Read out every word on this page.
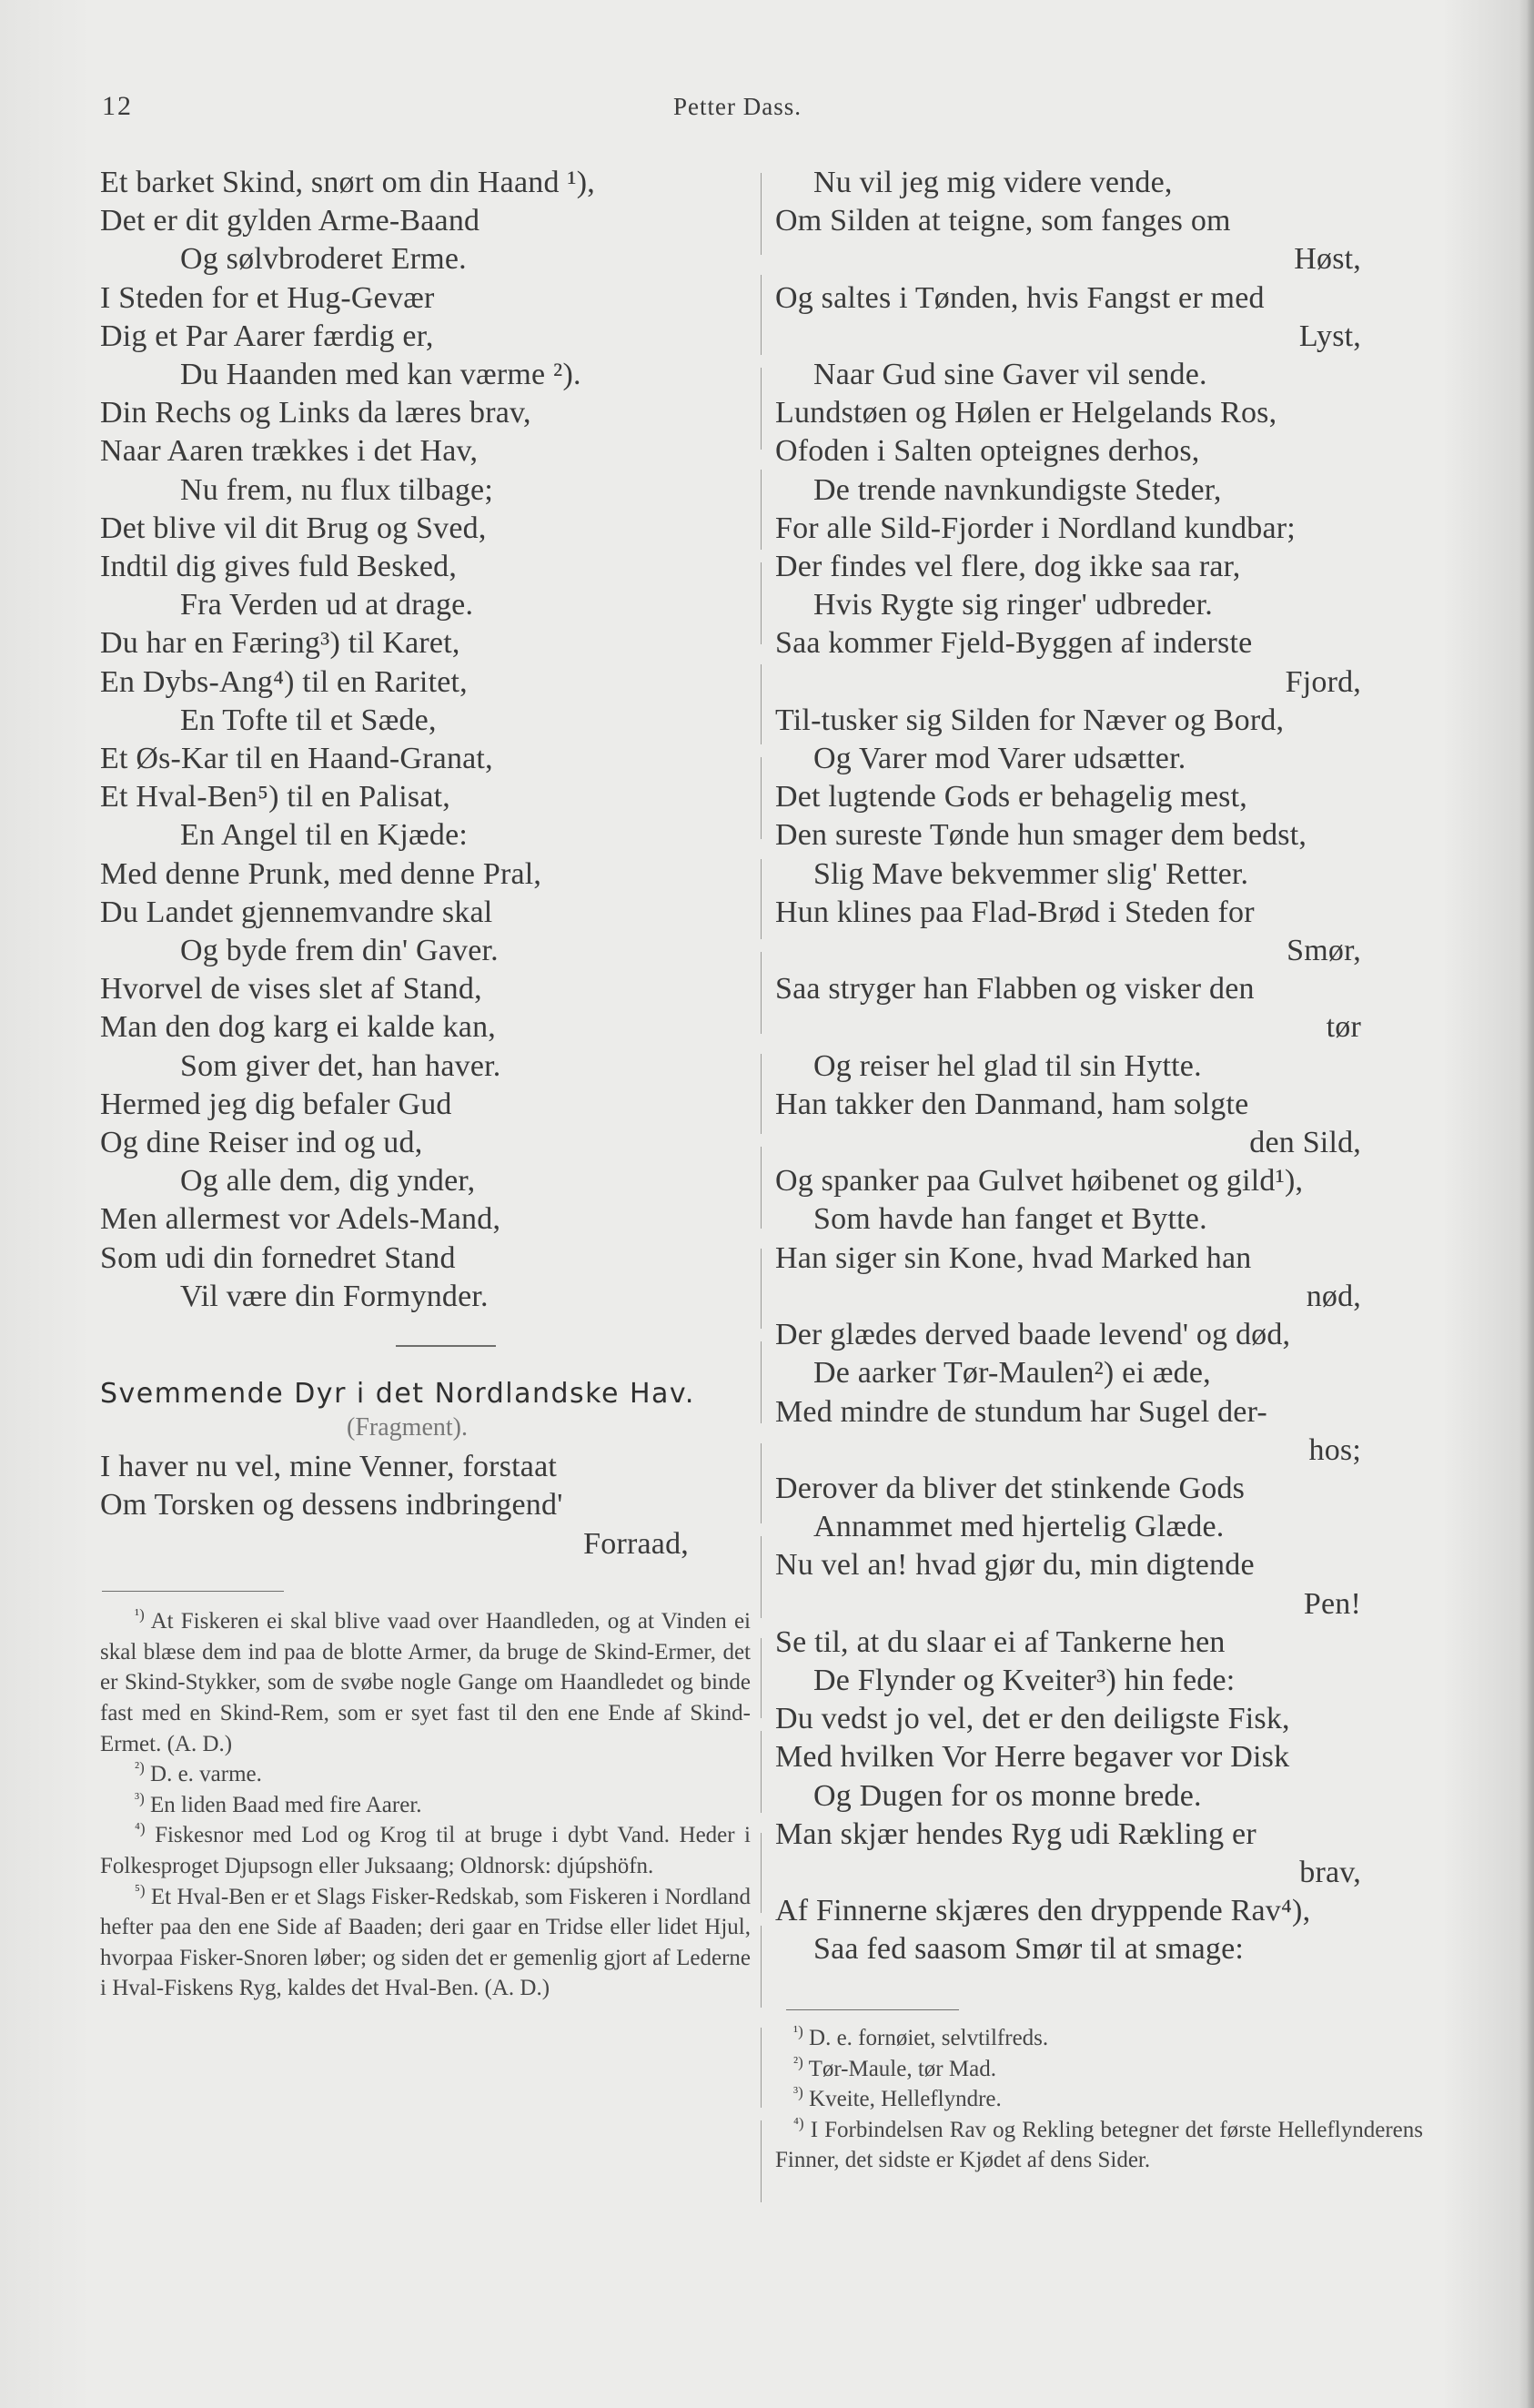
12	Petter Dass.
Et barket Skind, snørt om din Haand ¹),
Det er dit gylden Arme-Baand
Og sølvbroderet Erme.
I Steden for et Hug-Gevær
Dig et Par Aarer færdig er,
Du Haanden med kan værme ²).
Din Rechs og Links da læres brav,
Naar Aaren trækkes i det Hav,
Nu frem, nu flux tilbage;
Det blive vil dit Brug og Sved,
Indtil dig gives fuld Besked,
Fra Verden ud at drage.
Du har en Færing³) til Karet,
En Dybs-Ang⁴) til en Raritet,
En Tofte til et Sæde,
Et Øs-Kar til en Haand-Granat,
Et Hval-Ben⁵) til en Palisat,
En Angel til en Kjæde:
Med denne Prunk, med denne Pral,
Du Landet gjennemvandre skal
Og byde frem din' Gaver.
Hvorvel de vises slet af Stand,
Man den dog karg ei kalde kan,
Som giver det, han haver.
Hermed jeg dig befaler Gud
Og dine Reiser ind og ud,
Og alle dem, dig ynder,
Men allermest vor Adels-Mand,
Som udi din fornedret Stand
Vil være din Formynder.
Svemmende Dyr i det Nordlandske Hav.
(Fragment).
I haver nu vel, mine Venner, forstaat
Om Torsken og dessens indbringend'
Forraad,

$^{^1)}$ At Fiskeren ei skal blive vaad over Haandleden, og at Vinden ei skal blæse dem ind paa de blotte Armer, da bruge de Skind-Ermer, det er Skind-Stykker, som de svøbe nogle Gange om Haandledet og binde fast med en Skind-Rem, som er syet fast til den ene Ende af Skind-Ermet. (A. D.)

$^{^2)}$ D. e. varme.

$^{^3)}$ En liden Baad med fire Aarer.

$^{^4)}$ Fiskesnor med Lod og Krog til at bruge i dybt Vand. Heder i Folkesproget Djupsogn eller Juksaang; Oldnorsk: djúpshöfn.

$^{^5)}$ Et Hval-Ben er et Slags Fisker-Redskab, som Fiskeren i Nordland hefter paa den ene Side af Baaden; deri gaar en Tridse eller lidet Hjul, hvorpaa Fisker-Snoren løber; og siden det er gemenlig gjort af Lederne i Hval-Fiskens Ryg, kaldes det Hval-Ben. (A. D.)

Nu vil jeg mig videre vende,
Om Silden at teigne, som fanges om
Høst,
Og saltes i Tønden, hvis Fangst er med
Lyst,
Naar Gud sine Gaver vil sende.
Lundstøen og Hølen er Helgelands Ros,
Ofoden i Salten opteignes derhos,
De trende navnkundigste Steder,
For alle Sild-Fjorder i Nordland kundbar;
Der findes vel flere, dog ikke saa rar,
Hvis Rygte sig ringer' udbreder.
Saa kommer Fjeld-Byggen af inderste
Fjord,
Til-tusker sig Silden for Næver og Bord,
Og Varer mod Varer udsætter.
Det lugtende Gods er behagelig mest,
Den sureste Tønde hun smager dem bedst,
Slig Mave bekvemmer slig' Retter.
Hun klines paa Flad-Brød i Steden for
Smør,
Saa stryger han Flabben og visker den
tør
Og reiser hel glad til sin Hytte.
Han takker den Danmand, ham solgte
den Sild,
Og spanker paa Gulvet høibenet og gild¹),
Som havde han fanget et Bytte.
Han siger sin Kone, hvad Marked han
nød,
Der glædes derved baade levend' og død,
De aarker Tør-Maulen²) ei æde,
Med mindre de stundum har Sugel der-
hos;
Derover da bliver det stinkende Gods
Annammet med hjertelig Glæde.
Nu vel an! hvad gjør du, min digtende
Pen!
Se til, at du slaar ei af Tankerne hen
De Flynder og Kveiter³) hin fede:
Du vedst jo vel, det er den deiligste Fisk,
Med hvilken Vor Herre begaver vor Disk
Og Dugen for os monne brede.
Man skjær hendes Ryg udi Rækling er
brav,
Af Finnerne skjæres den dryppende Rav⁴),
Saa fed saasom Smør til at smage:

$^{^1)}$ D. e. fornøiet, selvtilfreds.

$^{^2)}$ Tør-Maule, tør Mad.

$^{^3)}$ Kveite, Helleflyndre.

$^{^4)}$ I Forbindelsen Rav og Rekling betegner det første Helleflynderens Finner, det sidste er Kjødet af dens Sider.
